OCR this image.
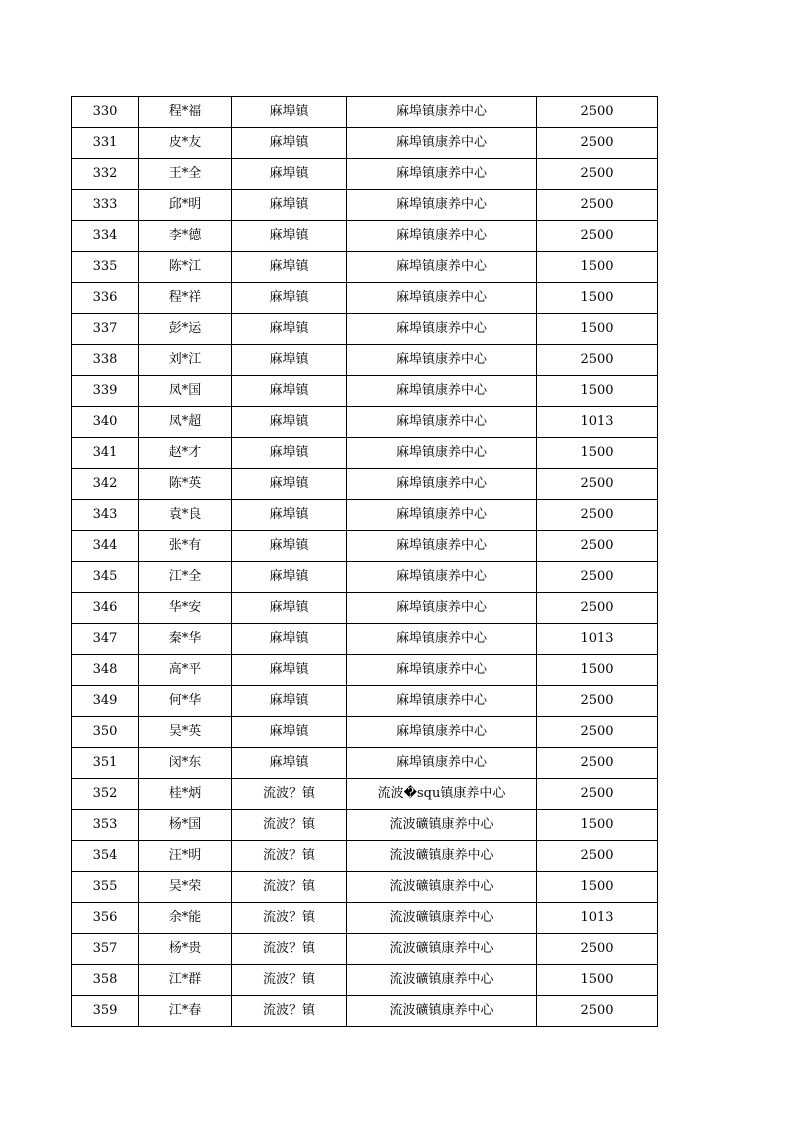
330	程*福	麻埠镇	麻埠镇康养中心	2500
331	皮*友	麻埠镇	麻埠镇康养中心	2500
332	王*全	麻埠镇	麻埠镇康养中心	2500
333	邱*明	麻埠镇	麻埠镇康养中心	2500
334	李*德	麻埠镇	麻埠镇康养中心	2500
335	陈*江	麻埠镇	麻埠镇康养中心	1500
336	程*祥	麻埠镇	麻埠镇康养中心	1500
337	彭*运	麻埠镇	麻埠镇康养中心	1500
338	刘*江	麻埠镇	麻埠镇康养中心	2500
339	凤*国	麻埠镇	麻埠镇康养中心	1500
340	凤*超	麻埠镇	麻埠镇康养中心	1013
341	赵*才	麻埠镇	麻埠镇康养中心	1500
342	陈*英	麻埠镇	麻埠镇康养中心	2500
343	袁*良	麻埠镇	麻埠镇康养中心	2500
344	张*有	麻埠镇	麻埠镇康养中心	2500
345	江*全	麻埠镇	麻埠镇康养中心	2500
346	华*安	麻埠镇	麻埠镇康养中心	2500
347	秦*华	麻埠镇	麻埠镇康养中心	1013
348	高*平	麻埠镇	麻埠镇康养中心	1500
349	何*华	麻埠镇	麻埠镇康养中心	2500
350	吴*英	麻埠镇	麻埠镇康养中心	2500
351	闵*东	麻埠镇	麻埠镇康养中心	2500
352	桂*炳	流波？镇	流波�squ镇康养中心	2500
353	杨*国	流波？镇	流波礦镇康养中心	1500
354	汪*明	流波？镇	流波礦镇康养中心	2500
355	吴*荣	流波？镇	流波礦镇康养中心	1500
356	余*能	流波？镇	流波礦镇康养中心	1013
357	杨*贵	流波？镇	流波礦镇康养中心	2500
358	江*群	流波？镇	流波礦镇康养中心	1500
359	江*春	流波？镇	流波礦镇康养中心	2500
